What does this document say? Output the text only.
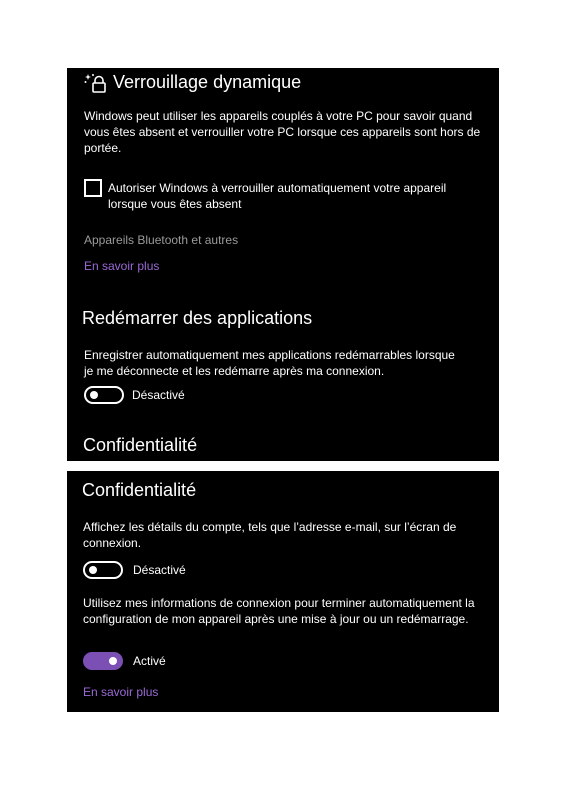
Verrouillage dynamique
Windows peut utiliser les appareils couplés à votre PC pour savoir quand vous êtes absent et verrouiller votre PC lorsque ces appareils sont hors de portée.
Autoriser Windows à verrouiller automatiquement votre appareil lorsque vous êtes absent
Appareils Bluetooth et autres
En savoir plus
Redémarrer des applications
Enregistrer automatiquement mes applications redémarrables lorsque je me déconnecte et les redémarre après ma connexion.
Désactivé
Confidentialité
Confidentialité
Affichez les détails du compte, tels que l’adresse e-mail, sur l’écran de connexion.
Désactivé
Utilisez mes informations de connexion pour terminer automatiquement la configuration de mon appareil après une mise à jour ou un redémarrage.
Activé
En savoir plus
